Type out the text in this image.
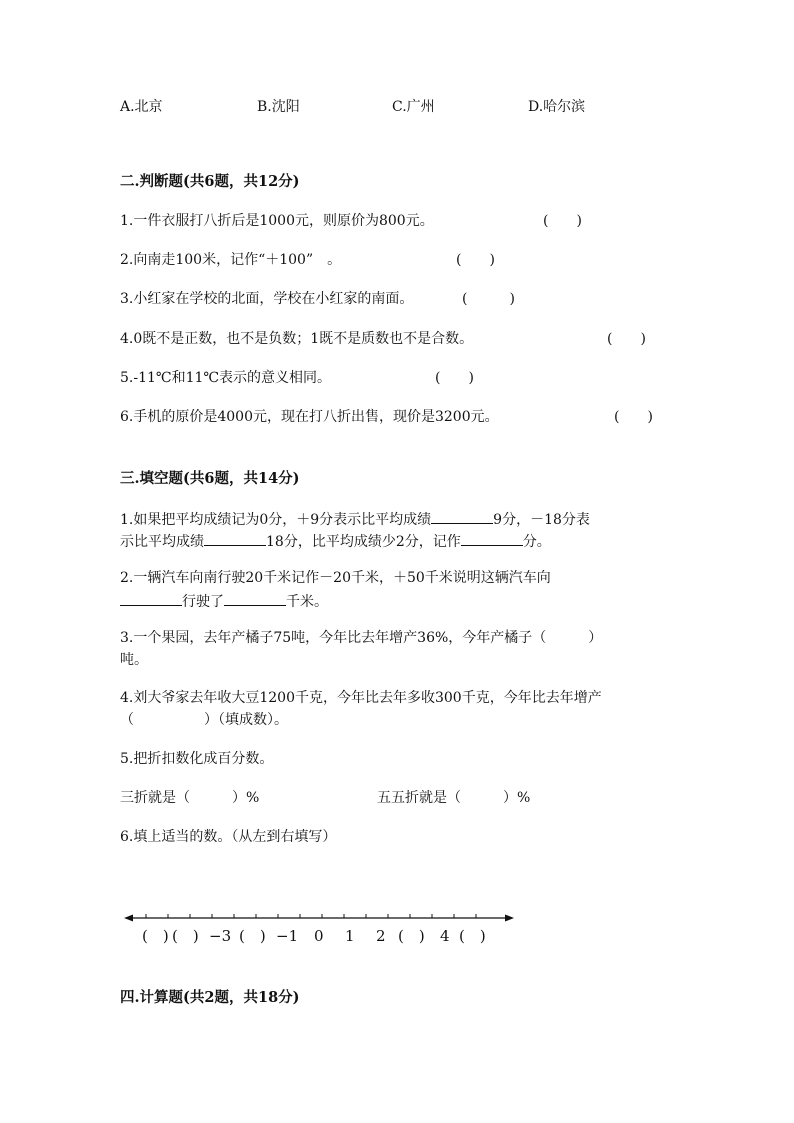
A.北京	B.沈阳	C.广州	D.哈尔滨
二.判断题(共6题，共12分)
1.一件衣服打八折后是1000元，则原价为800元。	(　　)
2.向南走100米，记作“＋100”　。	(　　)
3.小红家在学校的北面，学校在小红家的南面。	(　　　)
4.0既不是正数，也不是负数；1既不是质数也不是合数。	(　　)
5.-11℃和11℃表示的意义相同。	(　　)
6.手机的原价是4000元，现在打八折出售，现价是3200元。	(　　)
三.填空题(共6题，共14分)
1.如果把平均成绩记为0分，＋9分表示比平均成绩	9分，－18分表
示比平均成绩	18分，比平均成绩少2分，记作	分。
2.一辆汽车向南行驶20千米记作－20千米，＋50千米说明这辆汽车向
行驶了	千米。
3.一个果园，去年产橘子75吨，今年比去年增产36%，今年产橘子（　　　）
吨。
4.刘大爷家去年收大豆1200千克，今年比去年多收300千克，今年比去年增产
（　　　　　）（填成数）。
5.把折扣数化成百分数。
三折就是（　　　）%	五五折就是（　　　）%
6.填上适当的数。（从左到右填写）
(　) (　) −3 (　) −1 0 1 2 (　) 4 (　)
四.计算题(共2题，共18分)
